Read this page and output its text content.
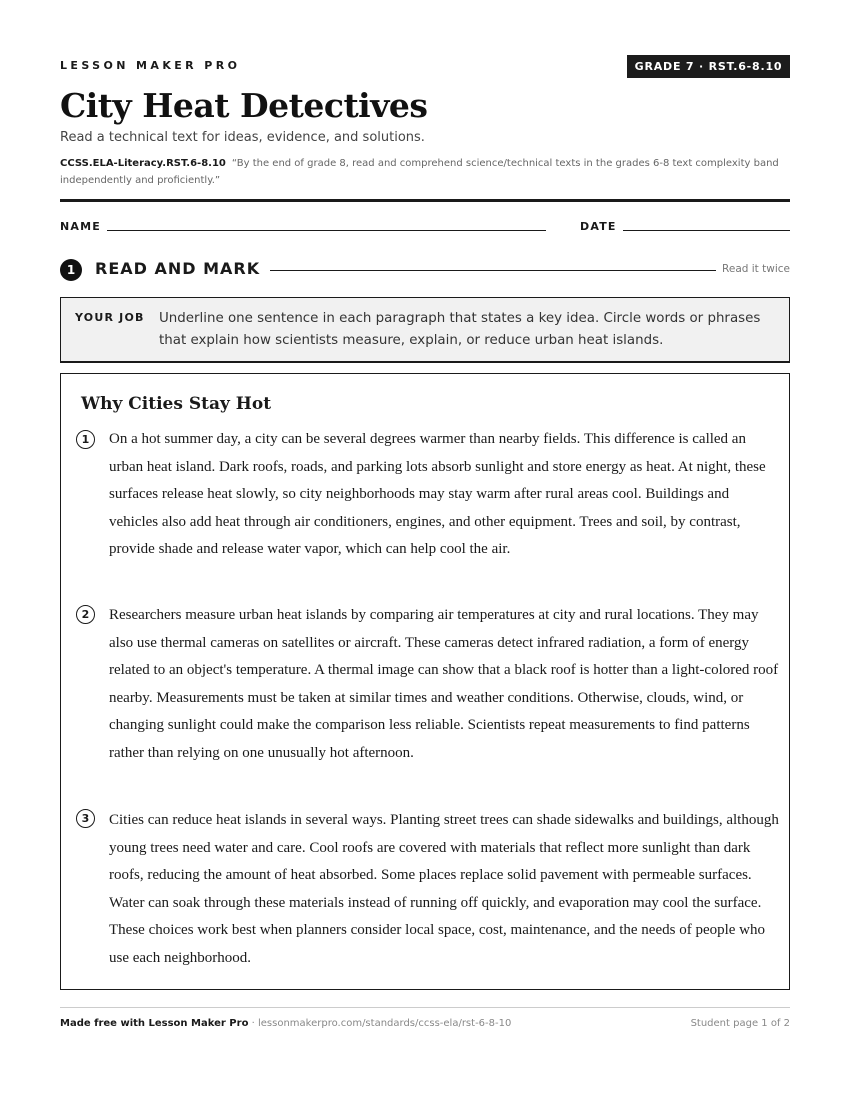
LESSON MAKER PRO	GRADE 7 · RST.6-8.10
City Heat Detectives
Read a technical text for ideas, evidence, and solutions.
CCSS.ELA-Literacy.RST.6-8.10 “By the end of grade 8, read and comprehend science/technical texts in the grades 6-8 text complexity band independently and proficiently.”
NAME	DATE
1	READ AND MARK	Read it twice
YOUR JOB Underline one sentence in each paragraph that states a key idea. Circle words or phrases that explain how scientists measure, explain, or reduce urban heat islands.
Why Cities Stay Hot
1	On a hot summer day, a city can be several degrees warmer than nearby fields. This difference is called an urban heat island. Dark roofs, roads, and parking lots absorb sunlight and store energy as heat. At night, these surfaces release heat slowly, so city neighborhoods may stay warm after rural areas cool. Buildings and vehicles also add heat through air conditioners, engines, and other equipment. Trees and soil, by contrast, provide shade and release water vapor, which can help cool the air.

2	Researchers measure urban heat islands by comparing air temperatures at city and rural locations. They may also use thermal cameras on satellites or aircraft. These cameras detect infrared radiation, a form of energy related to an object's temperature. A thermal image can show that a black roof is hotter than a light-colored roof nearby. Measurements must be taken at similar times and weather conditions. Otherwise, clouds, wind, or changing sunlight could make the comparison less reliable. Scientists repeat measurements to find patterns rather than relying on one unusually hot afternoon.

3	Cities can reduce heat islands in several ways. Planting street trees can shade sidewalks and buildings, although young trees need water and care. Cool roofs are covered with materials that reflect more sunlight than dark roofs, reducing the amount of heat absorbed. Some places replace solid pavement with permeable surfaces. Water can soak through these materials instead of running off quickly, and evaporation may cool the surface. These choices work best when planners consider local space, cost, maintenance, and the needs of people who use each neighborhood.

Made free with Lesson Maker Pro · lessonmakerpro.com/standards/ccss-ela/rst-6-8-10	Student page 1 of 2
